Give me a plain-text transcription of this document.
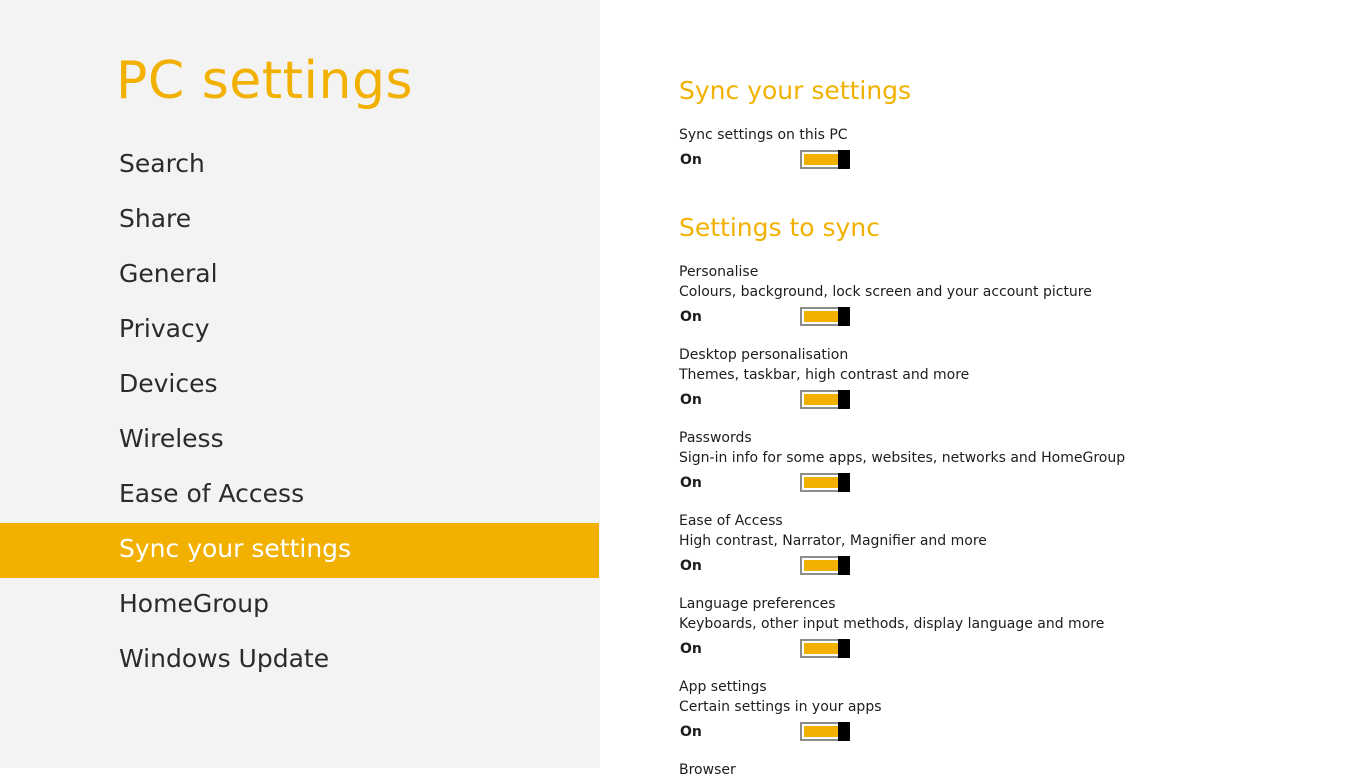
PC settings
Search
Share
General
Privacy
Devices
Wireless
Ease of Access
Sync your settings
HomeGroup
Windows Update
Sync your settings
Sync settings on this PC
On
Settings to sync
Personalise
Colours, background, lock screen and your account picture
On
Desktop personalisation
Themes, taskbar, high contrast and more
On
Passwords
Sign-in info for some apps, websites, networks and HomeGroup
On
Ease of Access
High contrast, Narrator, Magnifier and more
On
Language preferences
Keyboards, other input methods, display language and more
On
App settings
Certain settings in your apps
On
Browser
